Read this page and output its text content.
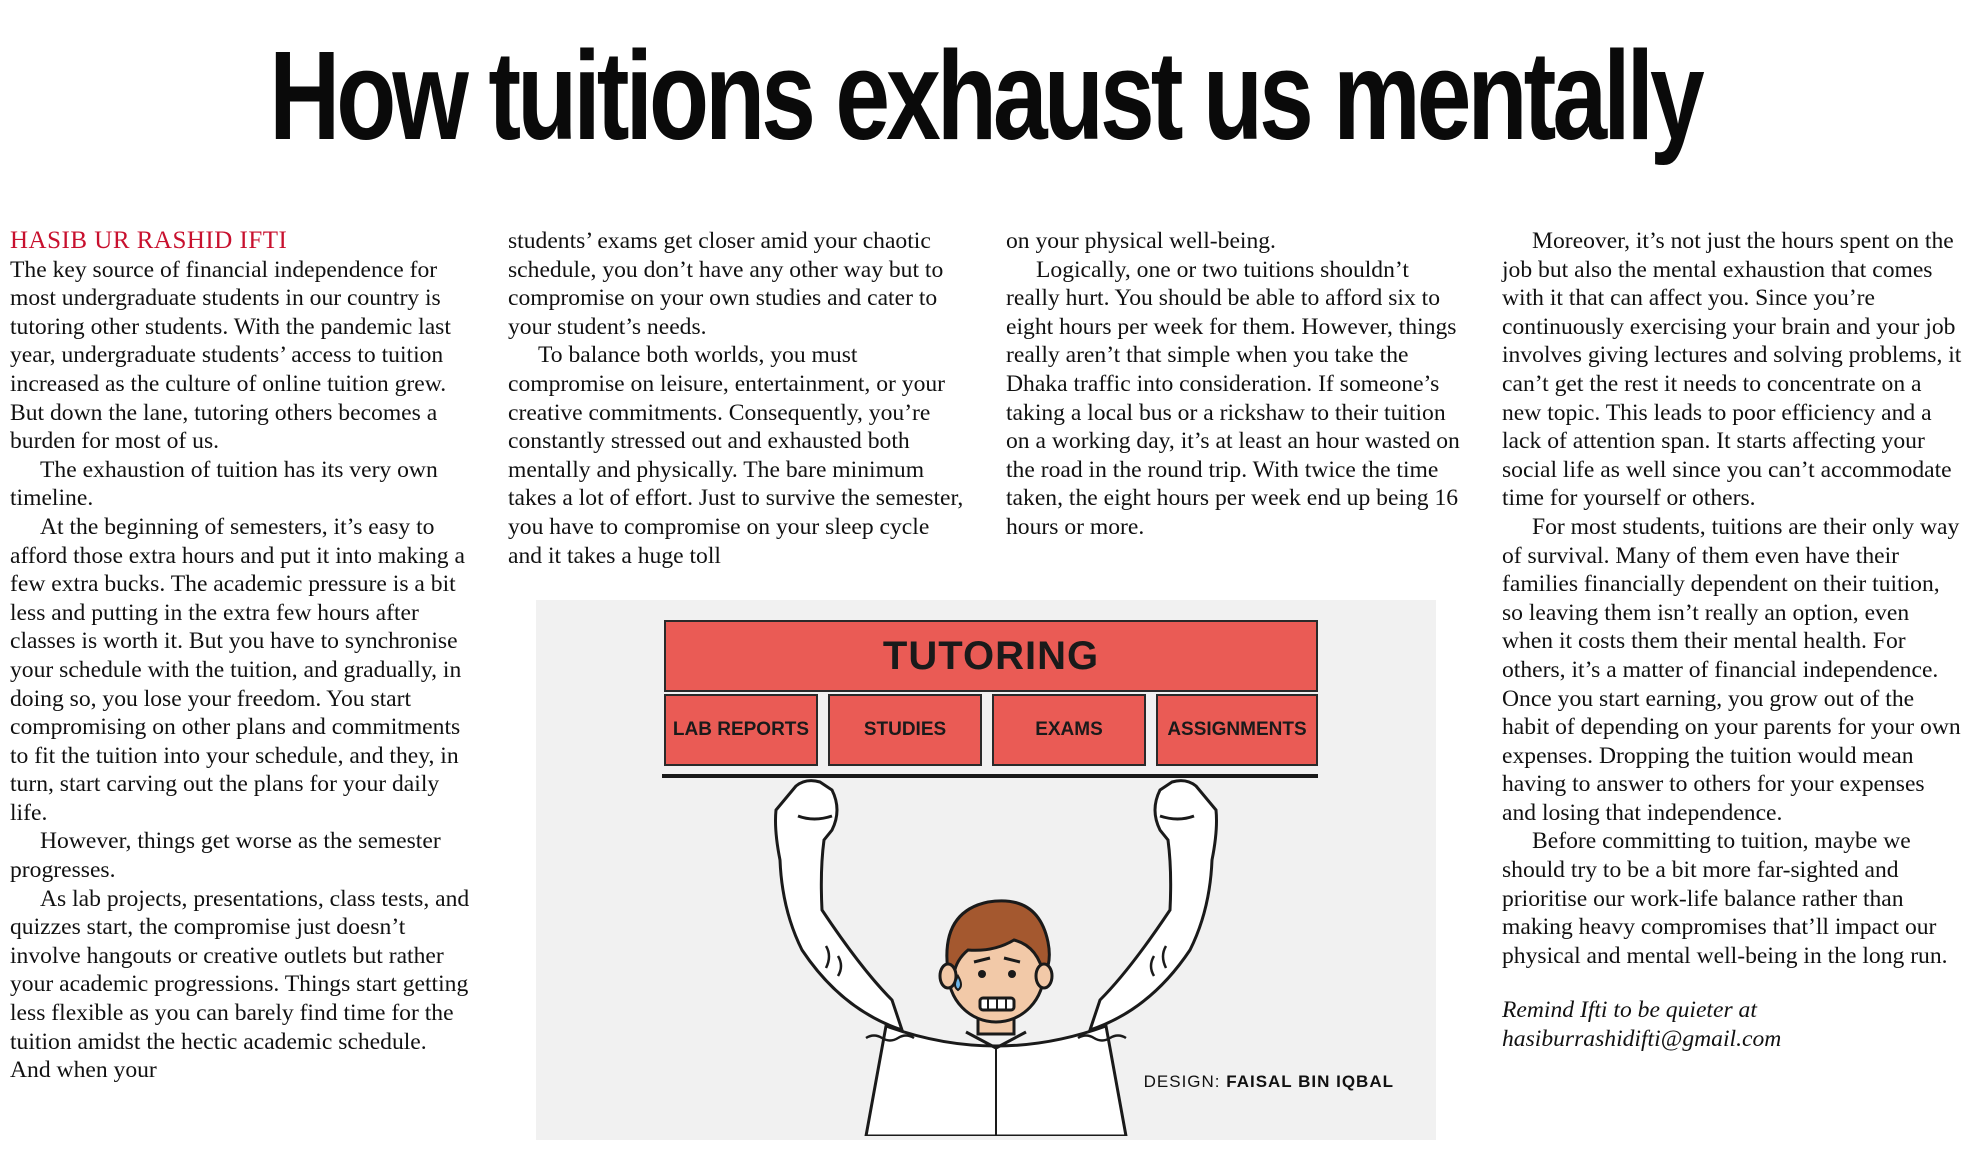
How tuitions exhaust us mentally

HASIB UR RASHID IFTI

The key source of financial independence for most undergraduate students in our country is tutoring other students. With the pandemic last year, undergraduate students’ access to tuition increased as the culture of online tuition grew. But down the lane, tutoring others becomes a burden for most of us.

The exhaustion of tuition has its very own timeline.

At the beginning of semesters, it’s easy to afford those extra hours and put it into making a few extra bucks. The academic pressure is a bit less and putting in the extra few hours after classes is worth it. But you have to synchronise your schedule with the tuition, and gradually, in doing so, you lose your freedom. You start compromising on other plans and commitments to fit the tuition into your schedule, and they, in turn, start carving out the plans for your daily life.

However, things get worse as the semester progresses.

As lab projects, presentations, class tests, and quizzes start, the compromise just doesn’t involve hangouts or creative outlets but rather your academic progressions. Things start getting less flexible as you can barely find time for the tuition amidst the hectic academic schedule. And when your

students’ exams get closer amid your chaotic schedule, you don’t have any other way but to compromise on your own studies and cater to your student’s needs.

To balance both worlds, you must compromise on leisure, entertainment, or your creative commitments. Consequently, you’re constantly stressed out and exhausted both mentally and physically. The bare minimum takes a lot of effort. Just to survive the semester, you have to compromise on your sleep cycle and it takes a huge toll

on your physical well-being.

Logically, one or two tuitions shouldn’t really hurt. You should be able to afford six to eight hours per week for them. However, things really aren’t that simple when you take the Dhaka traffic into consideration. If someone’s taking a local bus or a rickshaw to their tuition on a working day, it’s at least an hour wasted on the road in the round trip. With twice the time taken, the eight hours per week end up being 16 hours or more.

Moreover, it’s not just the hours spent on the job but also the mental exhaustion that comes with it that can affect you. Since you’re continuously exercising your brain and your job involves giving lectures and solving problems, it can’t get the rest it needs to concentrate on a new topic. This leads to poor efficiency and a lack of attention span. It starts affecting your social life as well since you can’t accommodate time for yourself or others.

For most students, tuitions are their only way of survival. Many of them even have their families financially dependent on their tuition, so leaving them isn’t really an option, even when it costs them their mental health. For others, it’s a matter of financial independence. Once you start earning, you grow out of the habit of depending on your parents for your own expenses. Dropping the tuition would mean having to answer to others for your expenses and losing that independence.

Before committing to tuition, maybe we should try to be a bit more far-sighted and prioritise our work-life balance rather than making heavy compromises that’ll impact our physical and mental well-being in the long run.

Remind Ifti to be quieter at

hasiburrashidifti@gmail.com

TUTORING
LAB REPORTS	STUDIES	EXAMS	ASSIGNMENTS
DESIGN: FAISAL BIN IQBAL
